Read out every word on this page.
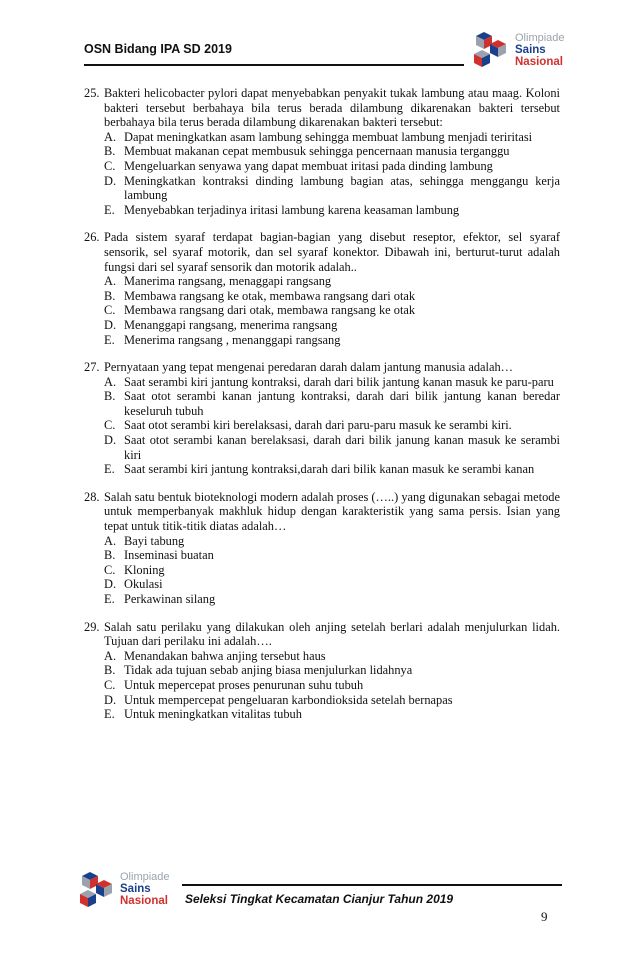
OSN Bidang IPA SD 2019
Olimpiade
Sains
Nasional
25. Bakteri helicobacter pylori dapat menyebabkan penyakit tukak lambung atau maag. Koloni bakteri tersebut berbahaya bila terus berada dilambung dikarenakan bakteri tersebut berbahaya bila terus berada dilambung dikarenakan bakteri tersebut:
A. Dapat meningkatkan asam lambung sehingga membuat lambung menjadi teriritasi
B. Membuat makanan cepat membusuk sehingga pencernaan manusia terganggu
C. Mengeluarkan senyawa yang dapat membuat iritasi pada dinding lambung
D. Meningkatkan kontraksi dinding lambung bagian atas, sehingga menggangu kerja lambung
E. Menyebabkan terjadinya iritasi lambung karena keasaman lambung
26. Pada sistem syaraf terdapat bagian-bagian yang disebut reseptor, efektor, sel syaraf sensorik, sel syaraf motorik, dan sel syaraf konektor. Dibawah ini, berturut-turut adalah fungsi dari sel syaraf sensorik dan motorik adalah..
A. Manerima rangsang, menaggapi rangsang
B. Membawa rangsang ke otak, membawa rangsang dari otak
C. Membawa rangsang dari otak, membawa rangsang ke otak
D. Menanggapi rangsang, menerima rangsang
E. Menerima rangsang , menanggapi rangsang
27. Pernyataan yang tepat mengenai peredaran darah dalam jantung manusia adalah…
A. Saat serambi kiri jantung kontraksi, darah dari bilik jantung kanan masuk ke paru-paru
B. Saat otot serambi kanan jantung kontraksi, darah dari bilik jantung kanan beredar keseluruh tubuh
C. Saat otot serambi kiri berelaksasi, darah dari paru-paru masuk ke serambi kiri.
D. Saat otot serambi kanan berelaksasi, darah dari bilik janung kanan masuk ke serambi kiri
E. Saat serambi kiri jantung kontraksi,darah dari bilik kanan masuk ke serambi kanan
28. Salah satu bentuk bioteknologi modern adalah proses (…..) yang digunakan sebagai metode untuk memperbanyak makhluk hidup dengan karakteristik yang sama persis. Isian yang tepat untuk titik-titik diatas adalah…
A. Bayi tabung
B. Inseminasi buatan
C. Kloning
D. Okulasi
E. Perkawinan silang
29. Salah satu perilaku yang dilakukan oleh anjing setelah berlari adalah menjulurkan lidah. Tujuan dari perilaku ini adalah….
A. Menandakan bahwa anjing tersebut haus
B. Tidak ada tujuan sebab anjing biasa menjulurkan lidahnya
C. Untuk mepercepat proses penurunan suhu tubuh
D. Untuk mempercepat pengeluaran karbondioksida setelah bernapas
E. Untuk meningkatkan vitalitas tubuh
Olimpiade
Sains
Nasional Seleksi Tingkat Kecamatan Cianjur Tahun 2019
9
